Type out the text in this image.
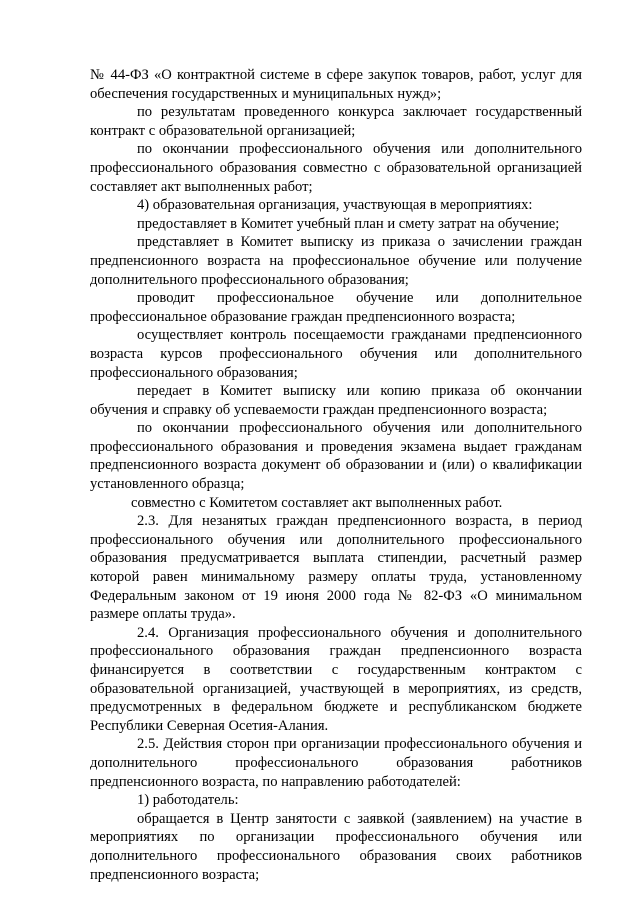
№ 44-ФЗ «О контрактной системе в сфере закупок товаров, работ, услуг для обеспечения государственных и муниципальных нужд»;

по результатам проведенного конкурса заключает государственный контракт с образовательной организацией;

по окончании профессионального обучения или дополнительного профессионального образования совместно с образовательной организацией составляет акт выполненных работ;

4) образовательная организация, участвующая в мероприятиях:

предоставляет в Комитет учебный план и смету затрат на обучение;

представляет в Комитет выписку из приказа о зачислении граждан предпенсионного возраста на профессиональное обучение или получение дополнительного профессионального образования;

проводит профессиональное обучение или дополнительное профессиональное образование граждан предпенсионного возраста;

осуществляет контроль посещаемости гражданами предпенсионного возраста курсов профессионального обучения или дополнительного профессионального образования;

передает в Комитет выписку или копию приказа об окончании обучения и справку об успеваемости граждан предпенсионного возраста;

по окончании профессионального обучения или дополнительного профессионального образования и проведения экзамена выдает гражданам предпенсионного возраста документ об образовании и (или) о квалификации установленного образца;

совместно с Комитетом составляет акт выполненных работ.

2.3. Для незанятых граждан предпенсионного возраста, в период профессионального обучения или дополнительного профессионального образования предусматривается выплата стипендии, расчетный размер которой равен минимальному размеру оплаты труда, установленному Федеральным законом от 19 июня 2000 года № 82-ФЗ «О минимальном размере оплаты труда».

2.4. Организация профессионального обучения и дополнительного профессионального образования граждан предпенсионного возраста финансируется в соответствии с государственным контрактом с образовательной организацией, участвующей в мероприятиях, из средств, предусмотренных в федеральном бюджете и республиканском бюджете Республики Северная Осетия-Алания.

2.5. Действия сторон при организации профессионального обучения и дополнительного профессионального образования работников предпенсионного возраста, по направлению работодателей:

1) работодатель:

обращается в Центр занятости с заявкой (заявлением) на участие в мероприятиях по организации профессионального обучения или дополнительного профессионального образования своих работников предпенсионного возраста;
